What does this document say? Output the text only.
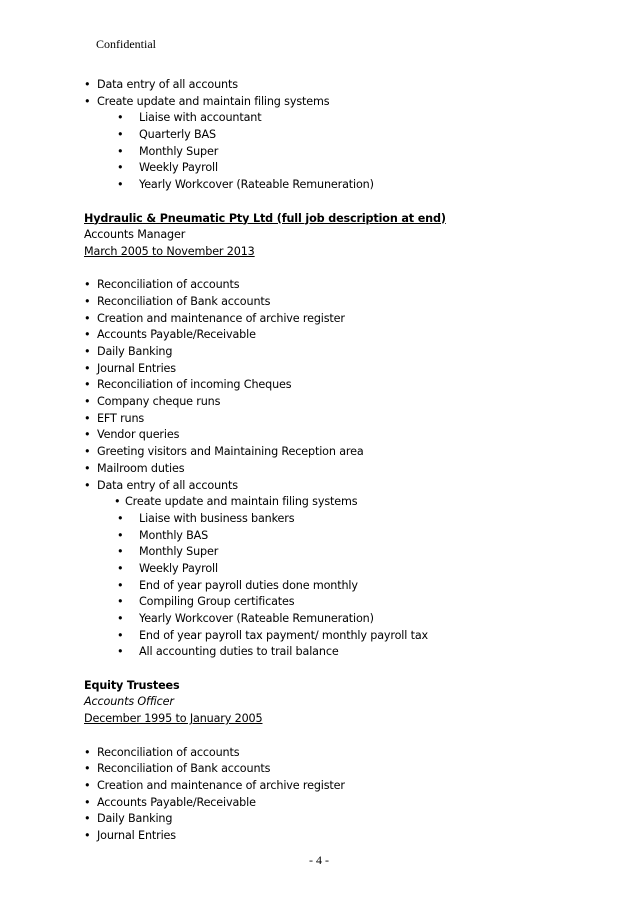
Confidential
• Data entry of all accounts
• Create update and maintain filing systems
• Liaise with accountant
• Quarterly BAS
• Monthly Super
• Weekly Payroll
• Yearly Workcover (Rateable Remuneration)
Hydraulic & Pneumatic Pty Ltd (full job description at end)
Accounts Manager
March 2005 to November 2013
• Reconciliation of accounts
• Reconciliation of Bank accounts
• Creation and maintenance of archive register
• Accounts Payable/Receivable
• Daily Banking
• Journal Entries
• Reconciliation of incoming Cheques
• Company cheque runs
• EFT runs
• Vendor queries
• Greeting visitors and Maintaining Reception area
• Mailroom duties
• Data entry of all accounts
• Create update and maintain filing systems
• Liaise with business bankers
• Monthly BAS
• Monthly Super
• Weekly Payroll
• End of year payroll duties done monthly
• Compiling Group certificates
• Yearly Workcover (Rateable Remuneration)
• End of year payroll tax payment/ monthly payroll tax
• All accounting duties to trail balance
Equity Trustees
Accounts Officer
December 1995 to January 2005
• Reconciliation of accounts
• Reconciliation of Bank accounts
• Creation and maintenance of archive register
• Accounts Payable/Receivable
• Daily Banking
• Journal Entries
- 4 -
